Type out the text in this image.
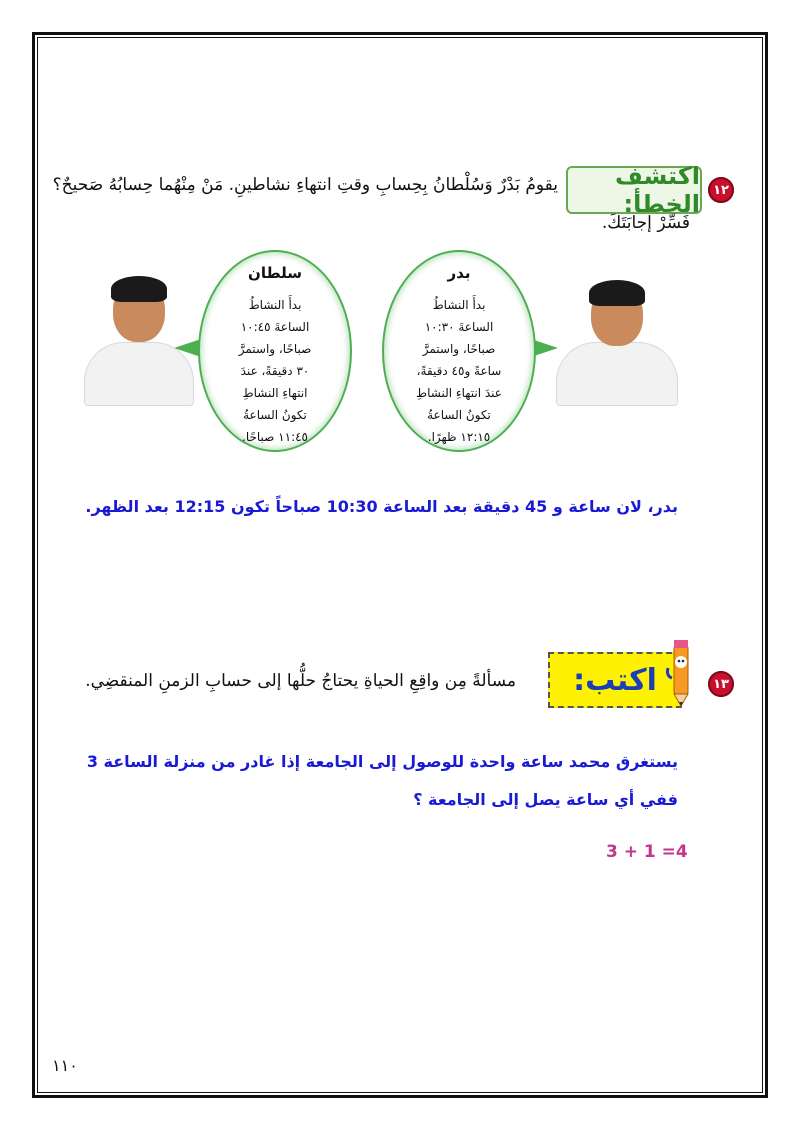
١٢
اكتشف الخطأ:
يقومُ بَدْرٌ وَسُلْطانُ بِحِسابِ وقتِ انتهاءِ نشاطينِ. مَنْ مِنْهُما حِسابُهُ صَحيحٌ؟
فَسِّرْ إجابَتَكَ.
سلطان
بدأَ النشاطُ
الساعةَ ١٠:٤٥
صباحًا، واستمرَّ
٣٠ دقيقةً، عندَ
انتهاءِ النشاطِ
تكونُ الساعةُ
١١:٤٥ صباحًا.
بدر
بدأَ النشاطُ
الساعةَ ١٠:٣٠
صباحًا، واستمرَّ
ساعةً و٤٥ دقيقةً،
عندَ انتهاءِ النشاطِ
تكونُ الساعةُ
١٢:١٥ ظهرًا.
بدر، لان ساعة و 45 دقيقة بعد الساعة 10:30 صباحاً تكون 12:15 بعد الظهر.
١٣
اكتب:
مسألةً مِن واقِعِ الحياةِ يحتاجُ حلُّها إلى حسابِ الزمنِ المنقضِي.
يستغرق محمد ساعة واحدة للوصول إلى الجامعة إذا غادر من منزلة الساعة 3
ففي أي ساعة يصل إلى الجامعة ؟
3 + 1 =4
١١٠
